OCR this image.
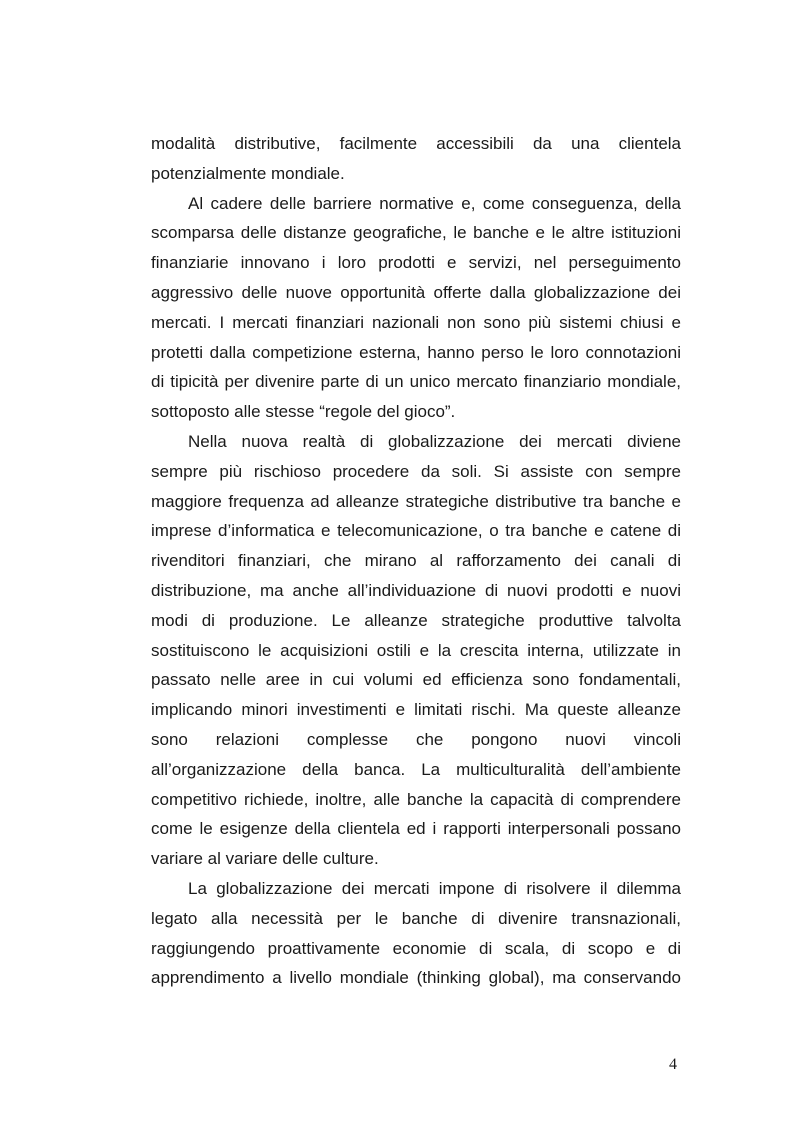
modalità distributive, facilmente accessibili da una clientela
potenzialmente mondiale.
Al cadere delle barriere normative e, come conseguenza, della
scomparsa delle distanze geografiche, le banche e le altre istituzioni
finanziarie innovano i loro prodotti e servizi, nel perseguimento
aggressivo delle nuove opportunità offerte dalla globalizzazione dei
mercati. I mercati finanziari nazionali non sono più sistemi chiusi e
protetti dalla competizione esterna, hanno perso le loro connotazioni
di tipicità per divenire parte di un unico mercato finanziario mondiale,
sottoposto alle stesse “regole del gioco”.
Nella nuova realtà di globalizzazione dei mercati diviene
sempre più rischioso procedere da soli. Si assiste con sempre
maggiore frequenza ad alleanze strategiche distributive tra banche e
imprese d’informatica e telecomunicazione, o tra banche e catene di
rivenditori finanziari, che mirano al rafforzamento dei canali di
distribuzione, ma anche all’individuazione di nuovi prodotti e nuovi
modi di produzione. Le alleanze strategiche produttive talvolta
sostituiscono le acquisizioni ostili e la crescita interna, utilizzate in
passato nelle aree in cui volumi ed efficienza sono fondamentali,
implicando minori investimenti e limitati rischi. Ma queste alleanze
sono relazioni complesse che pongono nuovi vincoli
all’organizzazione della banca. La multiculturalità dell’ambiente
competitivo richiede, inoltre, alle banche la capacità di comprendere
come le esigenze della clientela ed i rapporti interpersonali possano
variare al variare delle culture.
La globalizzazione dei mercati impone di risolvere il dilemma
legato alla necessità per le banche di divenire transnazionali,
raggiungendo proattivamente economie di scala, di scopo e di
apprendimento a livello mondiale (thinking global), ma conservando
4
